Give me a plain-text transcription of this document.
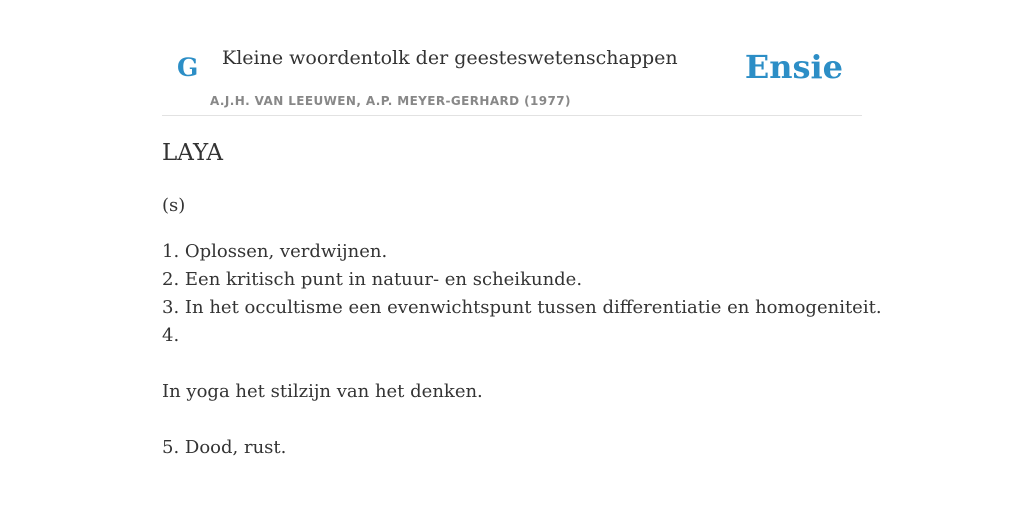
G Kleine woordentolk der geesteswetenschappen
A.J.H. VAN LEEUWEN, A.P. MEYER-GERHARD (1977)
Ensie
LAYA

(s)

1. Oplossen, verdwijnen.
2. Een kritisch punt in natuur- en scheikunde.
3. In het occultisme een evenwichtspunt tussen differentiatie en homogeniteit.
4.

In yoga het stilzijn van het denken.

5. Dood, rust.
